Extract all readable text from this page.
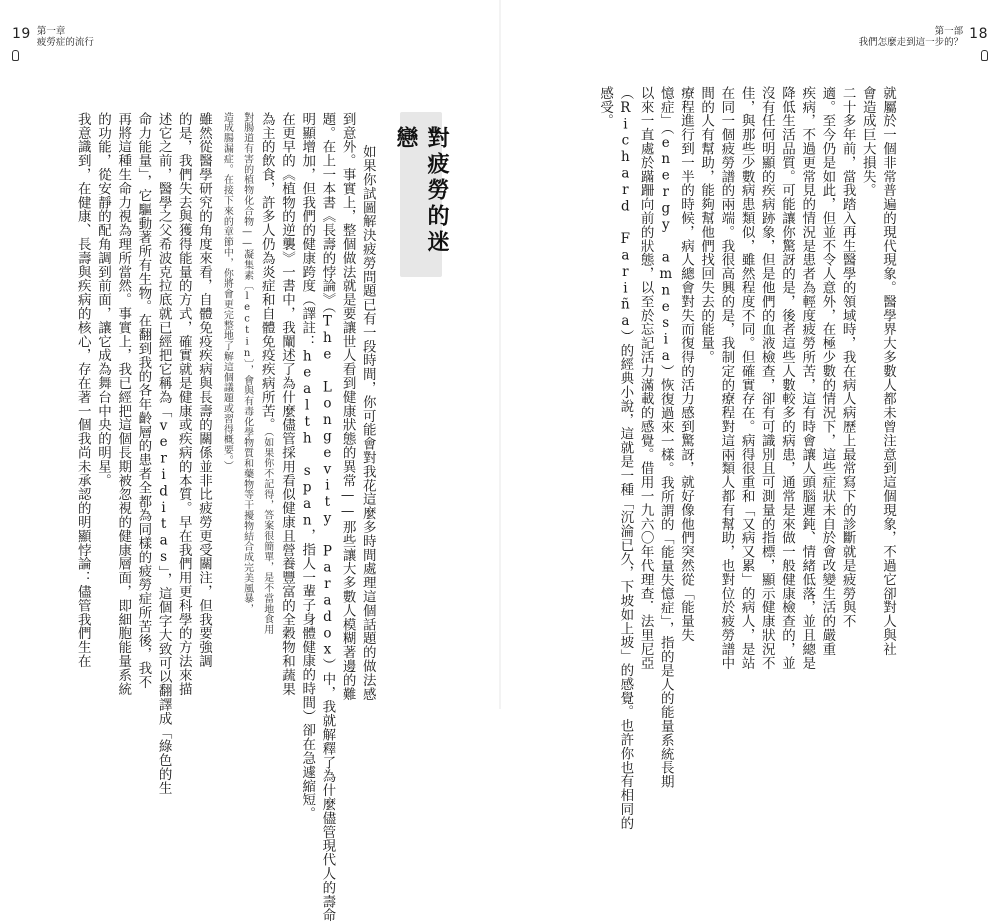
19 第一章
疲勞症的流行
第一部
我們怎麼走到這一步的？
18
就屬於一個非常普遍的現代現象。醫學界大多數人都未曾注意到這個現象，不過它卻對人與社
會造成巨大損失。
二十多年前，當我踏入再生醫學的領域時，我在病人病歷上最常寫下的診斷就是疲勞與不
適。至今仍是如此，但並不令人意外，在極少數的情況下，這些症狀未自於會改變生活的嚴重
疾病，不過更常見的情況是患者為輕度疲勞所苦，這有時會讓人頭腦遲鈍、情緒低落，並且總是
降低生活品質。可能讓你驚訝的是，後者這些人數較多的病患，通常是來做一般健康檢查的，並
沒有任何明顯的疾病跡象，但是他們的血液檢查，卻有可識別且可測量的指標，顯示健康狀況不
佳，與那些少數病患類似，雖然程度不同。但確實存在。病得很重和「又病又累」的病人，是站
在同一個疲勞譜的兩端。我很高興的是，我制定的療程對這兩類人都有幫助，也對位於疲勞譜中
間的人有幫助，能夠幫他們找回失去的能量。
療程進行到一半的時候，病人總會對失而復得的活力感到驚訝，就好像他們突然從「能量失
憶症」（energy amnesia）恢復過來一樣。我所謂的「能量失憶症」，指的是人的能量系統長期
以來一直處於蹣跚向前的狀態，以至於忘記活力滿載的感覺。借用一九六〇年代理查．法里尼亞
（Richard Fariña）的經典小說，這就是一種「沉淪已久，下坡如上坡」的感覺。也許你也有相同的
感受。
對疲勞的迷戀

如果你試圖解決疲勞問題已有一段時間，你可能會對我花這麼多時間處理這個話題的做法感
到意外。事實上，整個做法就是要讓世人看到健康狀態的異常——那些讓大多數人模糊著邊的難
題。在上一本書《長壽的悖論》（The Longevity Paradox）中，我就解釋了為什麼儘管現代人的壽命
明顯增加，但我們的健康跨度（譯註：health span，指人一輩子身體健康的時間）卻在急遽縮短。
在更早的《植物的逆襲》一書中，我闡述了為什麼儘管採用看似健康且營養豐富的全穀物和蔬果
為主的飲食，許多人仍為炎症和自體免疫疾病所苦。（如果你不記得，答案很簡單，是不當地食用
對腸道有害的植物化合物——凝集素〔lectin〕，會與有毒化學物質和藥物等干擾物結合成完美風暴，
造成腸漏症。在接下來的章節中，你將會更完整地了解這個議題或習得概要。）

雖然從醫學研究的角度來看，自體免疫疾病與長壽的關係並非比疲勞更受關注，但我要強調
的是，我們失去與獲得能量的方式，確實就是健康或疾病的本質。早在我們用更科學的方法來描
述它之前，醫學之父希波克拉底就已經把它稱為「veriditas」，這個字大致可以翻譯成「綠色的生
命力能量」，它驅動著所有生物。在翻到我的各年齡層的患者全都為同樣的疲勞症所苦後，我不
再將這種生命力視為理所當然。事實上，我已經把這個長期被忽視的健康層面，即細胞能量系統
的功能，從安靜的配角調到前面，讓它成為舞台中央的明星。
我意識到，在健康、長壽與疾病的核心，存在著一個我尚未承認的明顯悖論：儘管我們生在
